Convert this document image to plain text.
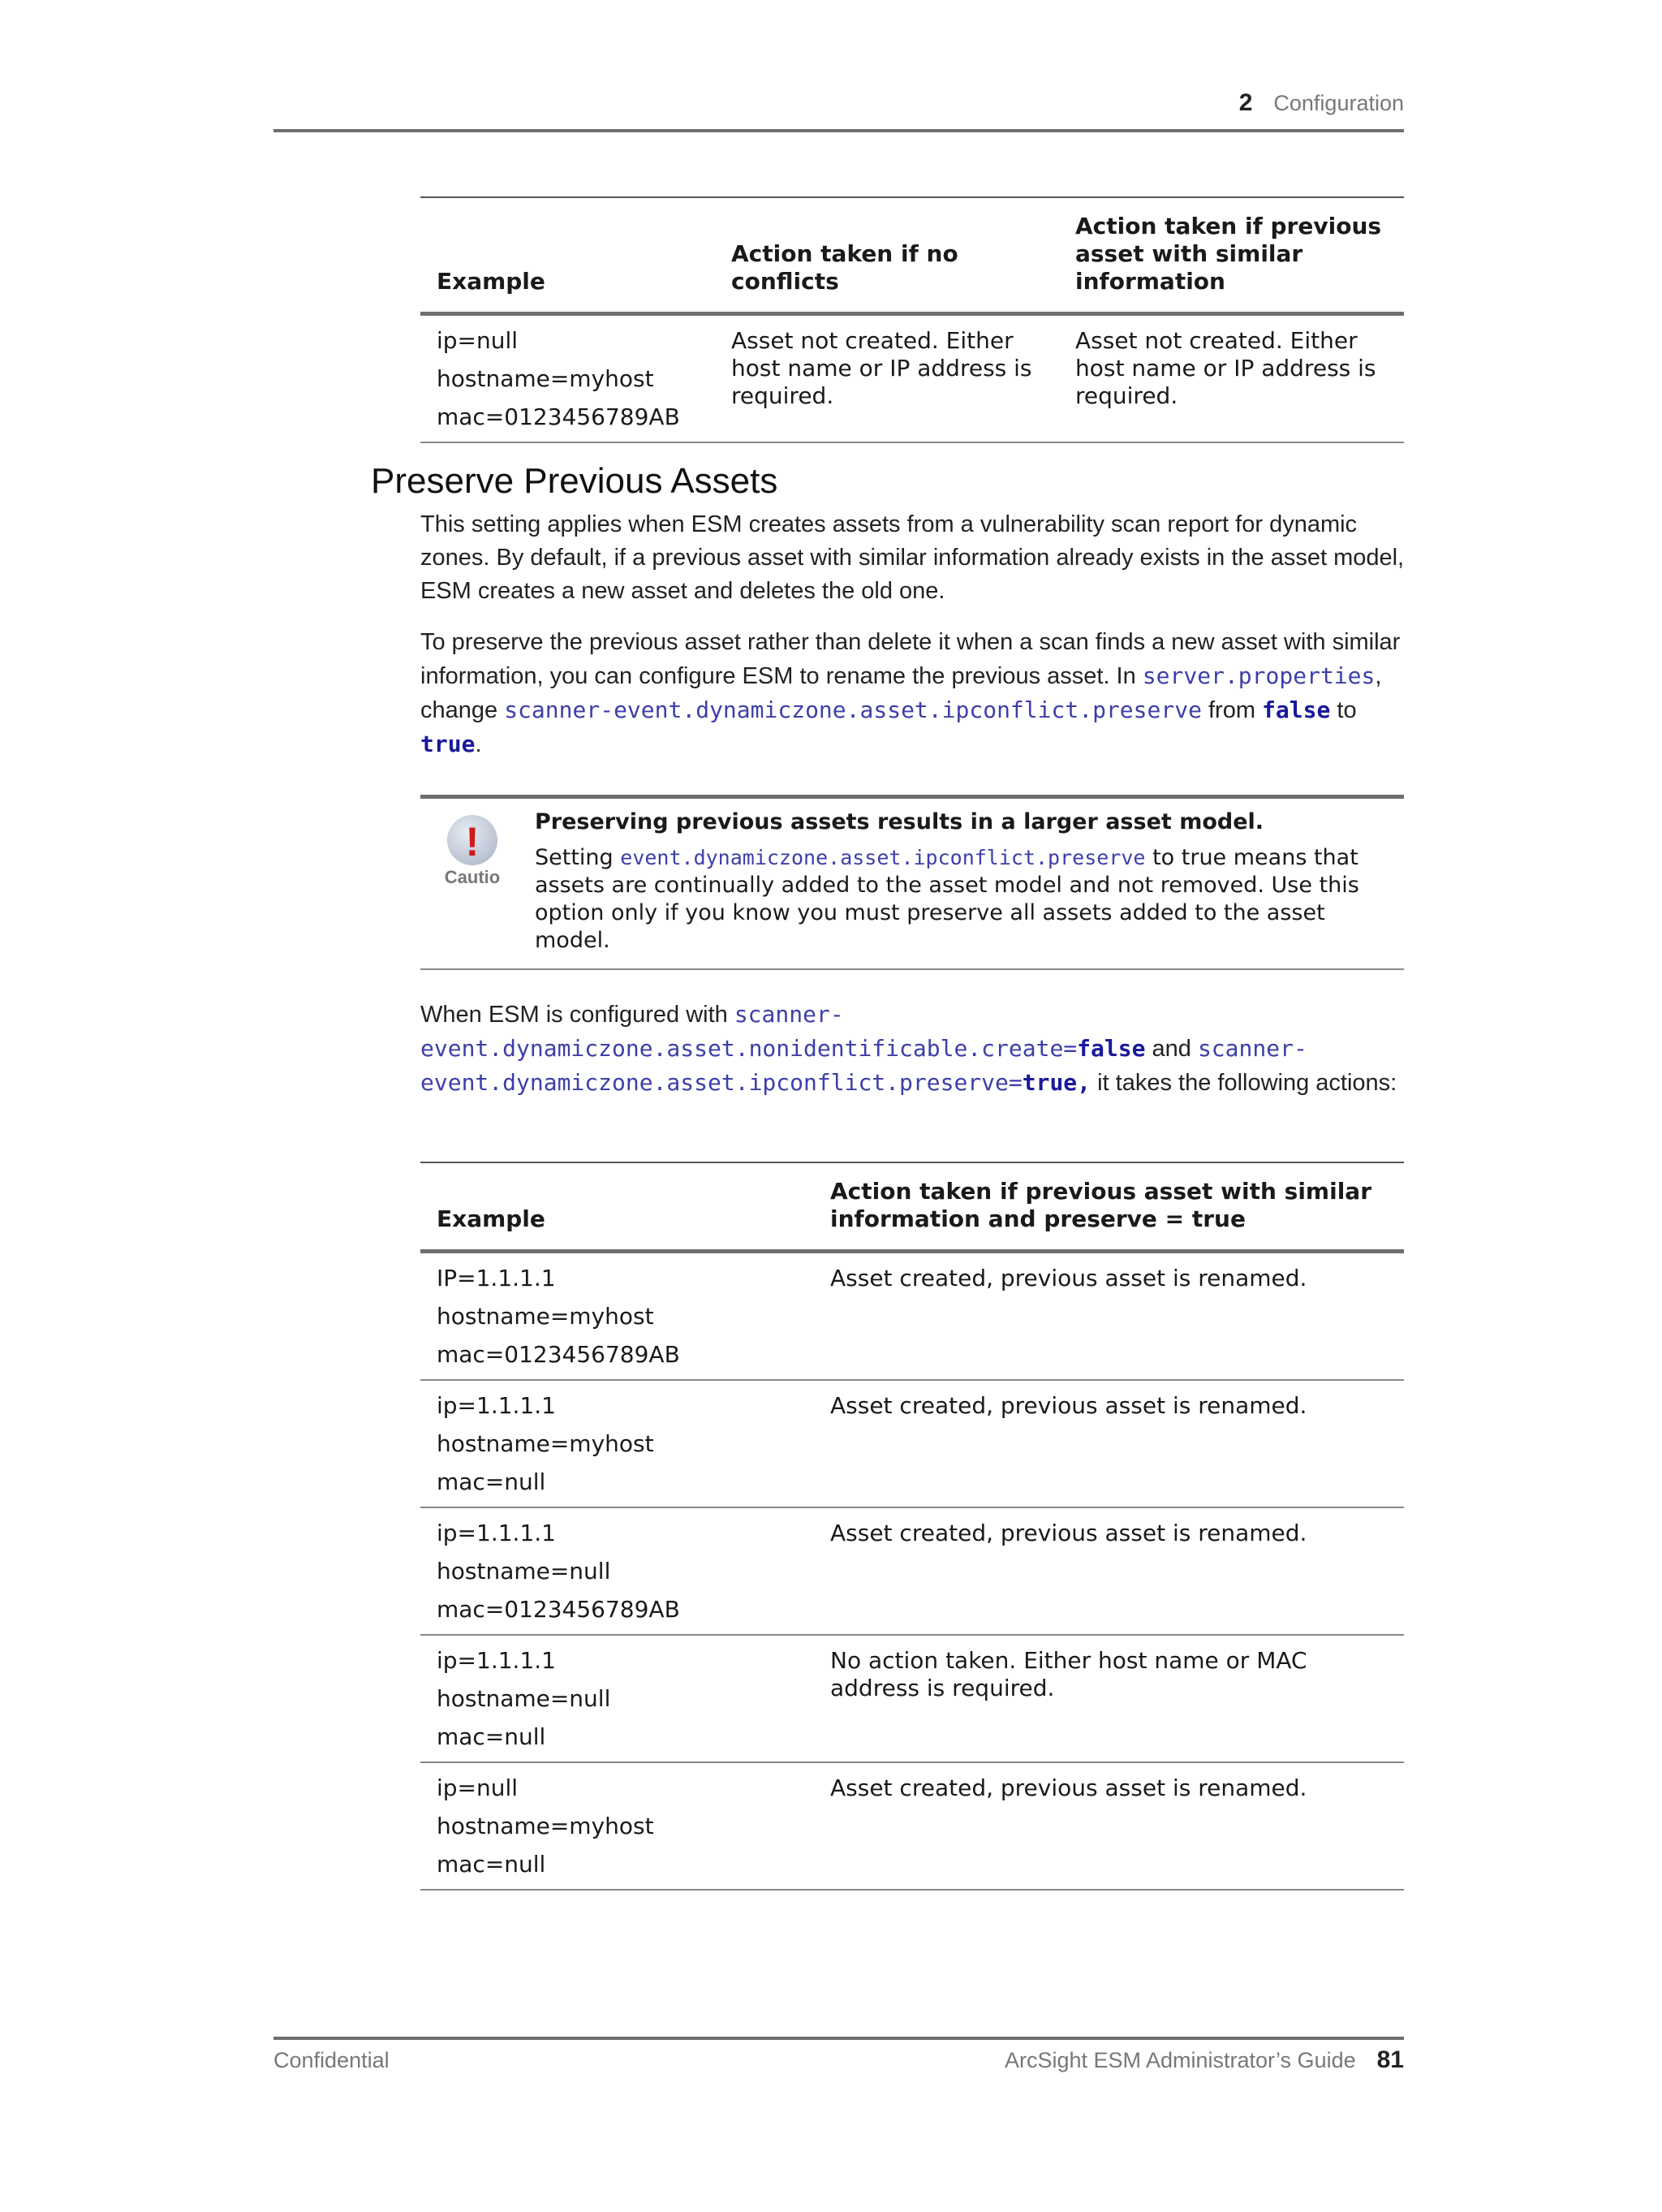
2 Configuration
Example	Action taken if no conflicts	Action taken if previous asset with similar information

ip=null
hostname=myhost
mac=0123456789AB	Asset not created. Either host name or IP address is required.	Asset not created. Either host name or IP address is required.
Preserve Previous Assets

This setting applies when ESM creates assets from a vulnerability scan report for dynamic zones. By default, if a previous asset with similar information already exists in the asset model, ESM creates a new asset and deletes the old one.

To preserve the previous asset rather than delete it when a scan finds a new asset with similar information, you can configure ESM to rename the previous asset. In server.properties, change scanner-event.dynamiczone.asset.ipconflict.preserve from false to true.

!
Cautio
Preserving previous assets results in a larger asset model.
Setting event.dynamiczone.asset.ipconflict.preserve to true means that assets are continually added to the asset model and not removed. Use this option only if you know you must preserve all assets added to the asset model.

When ESM is configured with scanner-event.dynamiczone.asset.nonidentificable.create=false and scanner-event.dynamiczone.asset.ipconflict.preserve=true, it takes the following actions:

Example	Action taken if previous asset with similar information and preserve = true

IP=1.1.1.1
hostname=myhost
mac=0123456789AB	Asset created, previous asset is renamed.

ip=1.1.1.1
hostname=myhost
mac=null	Asset created, previous asset is renamed.

ip=1.1.1.1
hostname=null
mac=0123456789AB	Asset created, previous asset is renamed.

ip=1.1.1.1
hostname=null
mac=null	No action taken. Either host name or MAC address is required.

ip=null
hostname=myhost
mac=null	Asset created, previous asset is renamed.
Confidential	ArcSight ESM Administrator’s Guide 81
